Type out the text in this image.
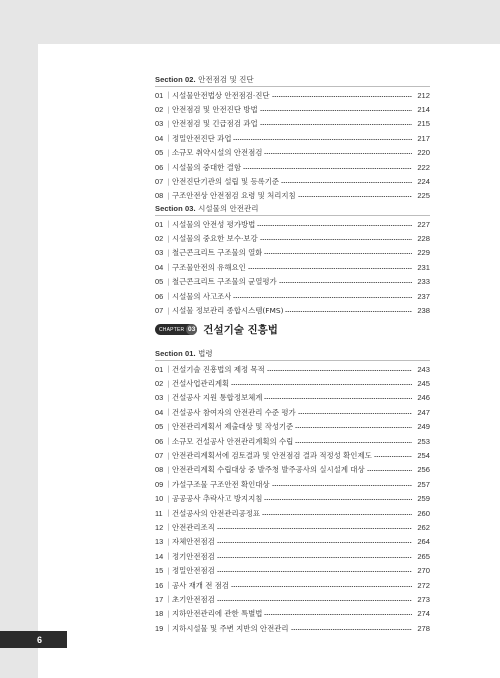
Section 02. 안전점검 및 진단
01 | 시설물안전법상 안전점검·진단	212
02 | 안전점검 및 안전진단 방법	214
03 | 안전점검 및 긴급점검 과업	215
04 | 정밀안전진단 과업	217
05 | 소규모 취약시설의 안전점검	220
06 | 시설물의 중대한 결함	222
07 | 안전진단기관의 설립 및 등록기준	224
08 | 구조안전상 안전점검 요령 및 처리지침	225
Section 03. 시설물의 안전관리
01 | 시설물의 안전성 평가방법	227
02 | 시설물의 중요한 보수·보강	228
03 | 철근콘크리트 구조물의 열화	229
04 | 구조물안전의 유해요인	231
05 | 철근콘크리트 구조물의 균열평가	233
06 | 시설물의 사고조사	237
07 | 시설물 정보관리 종합시스템(FMS)	238
CHAPTER 03 건설기술 진흥법
Section 01. 법령
01 | 건설기술 진흥법의 제정 목적	243
02 | 건설사업관리계획	245
03 | 건설공사 지원 통합정보체계	246
04 | 건설공사 참여자의 안전관리 수준 평가	247
05 | 안전관리계획서 제출대상 및 작성기준	249
06 | 소규모 건설공사 안전관리계획의 수립	253
07 | 안전관리계획서에 검토결과 및 안전점검 결과 적정성 확인제도	254
08 | 안전관리계획 수립대상 중 발주청 발주공사의 실시설계 대상	256
09 | 가설구조물 구조안전 확인대상	257
10 | 공공공사 추락사고 방지지침	259
11 | 건설공사의 안전관리공정표	260
12 | 안전관리조직	262
13 | 자체안전점검	264
14 | 정기안전점검	265
15 | 정밀안전점검	270
16 | 공사 재개 전 점검	272
17 | 초기안전점검	273
18 | 지하안전관리에 관한 특별법	274
19 | 지하시설물 및 주변 지반의 안전관리	278
6
